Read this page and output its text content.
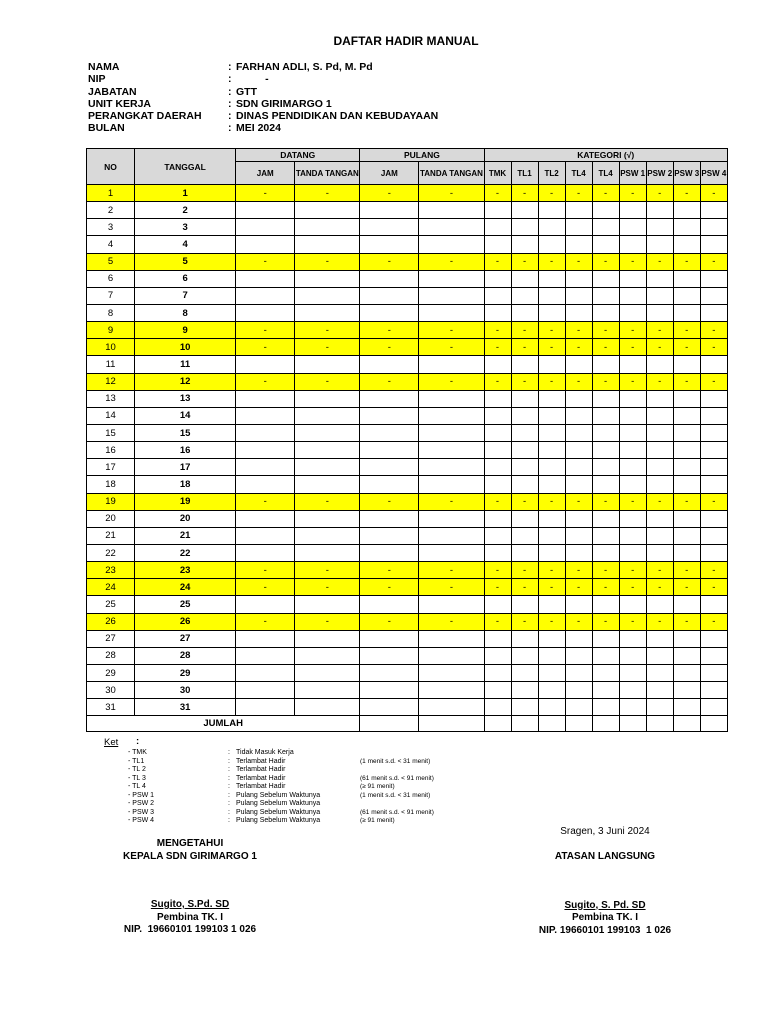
DAFTAR HADIR MANUAL
NAMA	: FARHAN ADLI, S. Pd, M. Pd
NIP	: -
JABATAN	: GTT
UNIT KERJA	: SDN GIRIMARGO 1
PERANGKAT DAERAH	: DINAS PENDIDIKAN DAN KEBUDAYAAN
BULAN	: MEI 2024
NO	TANGGAL	DATANG		PULANG		KATEGORI (√)								
		JAM	TANDA TANGAN	JAM	TANDA TANGAN	TMK	TL1	TL2	TL4	TL4	PSW 1	PSW 2	PSW 3	PSW 4
1	1	-	-	-	-	-	-	-	-	-	-	-	-	-
2	2													
3	3													
4	4													
5	5	-	-	-	-	-	-	-	-	-	-	-	-	-
6	6													
7	7													
8	8													
9	9	-	-	-	-	-	-	-	-	-	-	-	-	-
10	10	-	-	-	-	-	-	-	-	-	-	-	-	-
11	11													
12	12	-	-	-	-	-	-	-	-	-	-	-	-	-
13	13													
14	14													
15	15													
16	16													
17	17													
18	18													
19	19	-	-	-	-	-	-	-	-	-	-	-	-	-
20	20													
21	21													
22	22													
23	23	-	-	-	-	-	-	-	-	-	-	-	-	-
24	24	-	-	-	-	-	-	-	-	-	-	-	-	-
25	25													
26	26	-	-	-	-	-	-	-	-	-	-	-	-	-
27	27													
28	28													
29	29													
30	30													
31	31													
JUMLAH														
Ket :
- TMK	: Tidak Masuk Kerja
- TL1	: Terlambat Hadir	(1 menit s.d. < 31 menit)
- TL 2	: Terlambat Hadir
- TL 3	: Terlambat Hadir	(61 menit s.d. < 91 menit)
- TL 4	: Terlambat Hadir	(≥ 91 menit)
- PSW 1	: Pulang Sebelum Waktunya	(1 menit s.d. < 31 menit)
- PSW 2	: Pulang Sebelum Waktunya
- PSW 3	: Pulang Sebelum Waktunya	(61 menit s.d. < 91 menit)
- PSW 4	: Pulang Sebelum Waktunya	(≥ 91 menit)
Sragen, 3 Juni 2024
MENGETAHUI
KEPALA SDN GIRIMARGO 1
Sugito, S.Pd. SD
Pembina TK. I
NIP.  19660101 199103 1 026
ATASAN LANGSUNG
Sugito, S. Pd. SD
Pembina TK. I
NIP. 19660101 199103  1 026
